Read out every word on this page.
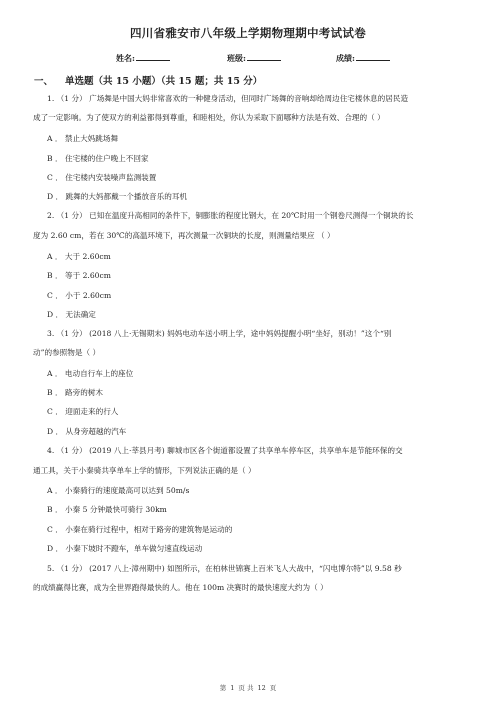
四川省雅安市八年级上学期物理期中考试试卷
姓名:	班级:	成绩:
一、 单选题（共 15 小题）（共 15 题；共 15 分）
1. （1 分） 广场舞是中国大妈非常喜欢的一种健身活动，但同时广场舞的音响却给周边住宅楼休息的居民造
成了一定影响。为了使双方的利益都得到尊重，和睦相处，你认为采取下面哪种方法是有效、合理的（ ）
A ． 禁止大妈跳场舞
B ． 住宅楼的住户晚上不回家
C ． 住宅楼内安装噪声监测装置
D ． 跳舞的大妈都戴一个播放音乐的耳机
2. （1 分） 已知在温度升高相同的条件下，铜膨胀的程度比钢大，在 20℃时用一个钢卷尺测得一个铜块的长
度为 2.60 cm，若在 30℃的高温环境下，再次测量一次铜块的长度，则测量结果应 （ ）
A ． 大于 2.60cm
B ． 等于 2.60cm
C ． 小于 2.60cm
D ． 无法确定
3. （1 分） (2018 八上·无锡期末) 妈妈电动车送小明上学，途中妈妈提醒小明“坐好，别动！”这个“别
动”的参照物是（ ）
A ． 电动自行车上的座位
B ． 路旁的树木
C ． 迎面走来的行人
D ． 从身旁超越的汽车
4. （1 分） (2019 八上·莘县月考) 聊城市区各个街道都设置了共享单车停车区，共享单车是节能环保的交
通工具，关于小秦骑共享单车上学的情形，下列说法正确的是（ ）
A ． 小秦骑行的速度最高可以达到 50m/s
B ． 小秦 5 分钟最快可骑行 30km
C ． 小秦在骑行过程中，相对于路旁的建筑物是运动的
D ． 小秦下坡时不蹬车，单车做匀速直线运动
5. （1 分） (2017 八上·漳州期中) 如图所示，在柏林世锦赛上百米飞人大战中，“闪电博尔特”以 9.58 秒
的成绩赢得比赛，成为全世界跑得最快的人。他在 100m 决赛时的最快速度大约为（ ）
第 1 页 共 12 页
